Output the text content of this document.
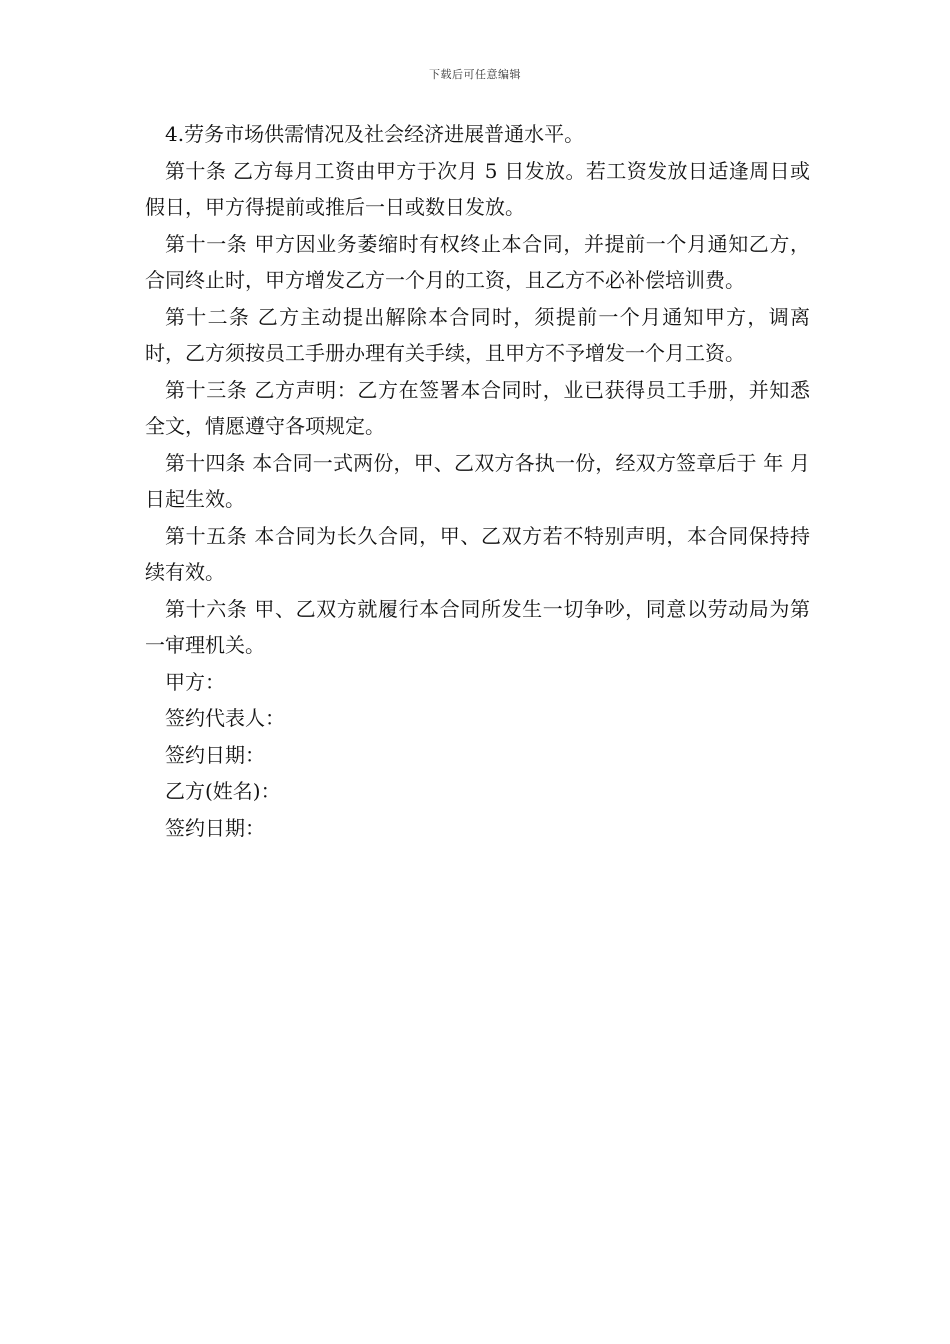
下载后可任意编辑

4.劳务市场供需情况及社会经济进展普通水平。

第十条 乙方每月工资由甲方于次月 5 日发放。若工资发放日适逢周日或假日，甲方得提前或推后一日或数日发放。

第十一条 甲方因业务萎缩时有权终止本合同，并提前一个月通知乙方，合同终止时，甲方增发乙方一个月的工资，且乙方不必补偿培训费。

第十二条 乙方主动提出解除本合同时，须提前一个月通知甲方，调离时，乙方须按员工手册办理有关手续，且甲方不予增发一个月工资。

第十三条 乙方声明：乙方在签署本合同时，业已获得员工手册，并知悉全文，情愿遵守各项规定。

第十四条 本合同一式两份，甲、乙双方各执一份，经双方签章后于 年 月 日起生效。

第十五条 本合同为长久合同，甲、乙双方若不特别声明，本合同保持持续有效。

第十六条 甲、乙双方就履行本合同所发生一切争吵，同意以劳动局为第一审理机关。

甲方：

签约代表人：

签约日期：

乙方(姓名)：

签约日期：
